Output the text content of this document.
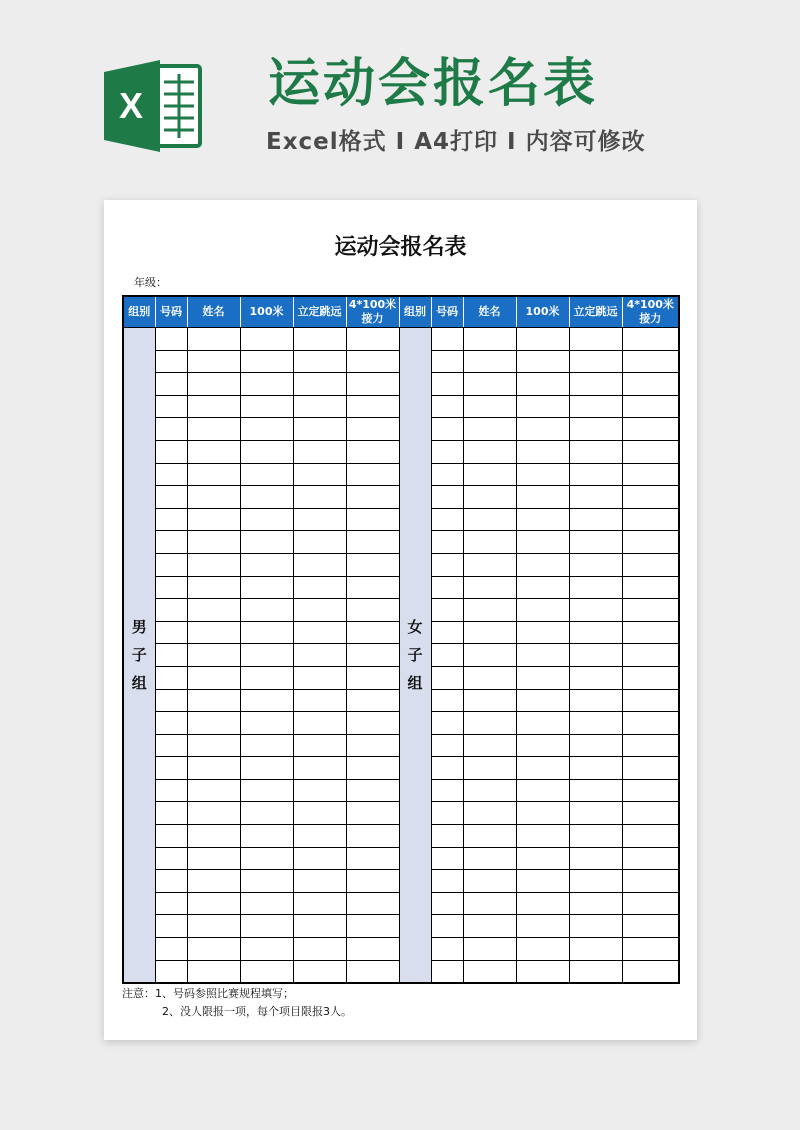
X 运动会报名表
Excel格式 I A4打印 I 内容可修改
运动会报名表
年级：
组别	号码	姓名	100米	立定跳远	4*100米接力	组别	号码	姓名	100米	立定跳远	4*100米接力
男子组						女子组					

注意：1、号码参照比赛规程填写；
2、没人限报一项，每个项目限报3人。
